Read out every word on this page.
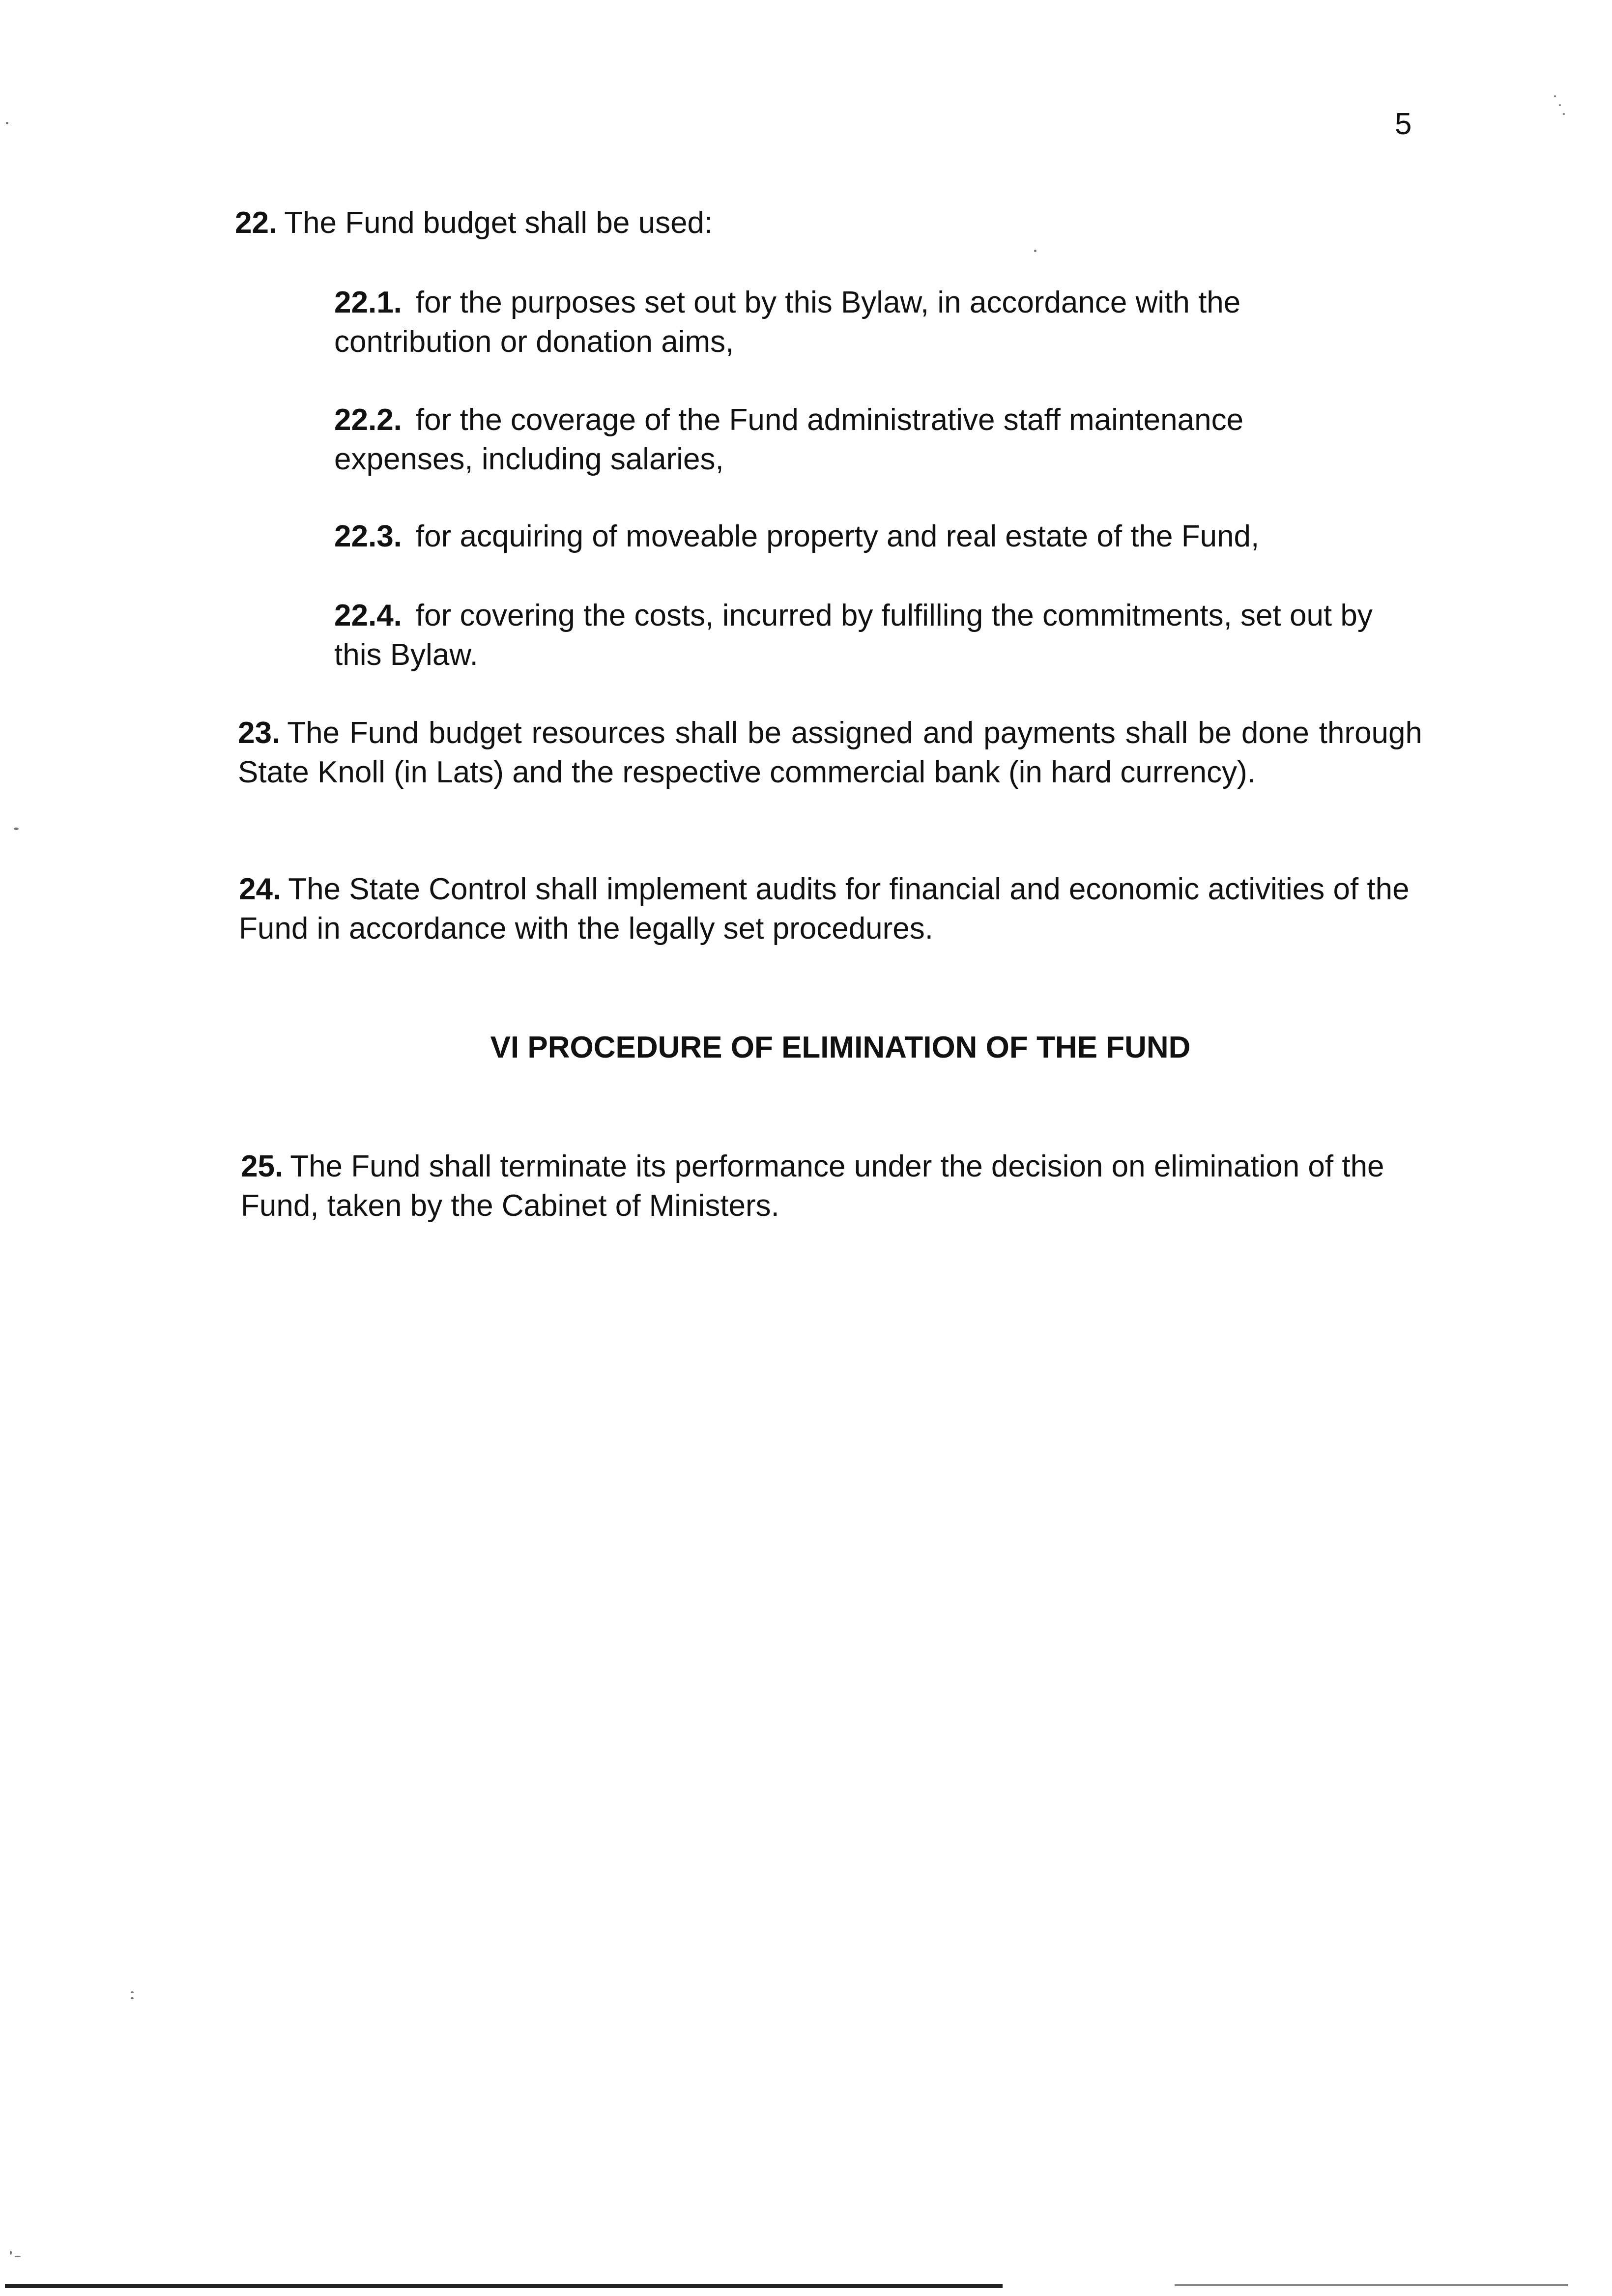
5

22. The Fund budget shall be used:

22.1. for the purposes set out by this Bylaw, in accordance with the contribution or donation aims,

22.2. for the coverage of the Fund administrative staff maintenance expenses, including salaries,

22.3. for acquiring of moveable property and real estate of the Fund,

22.4. for covering the costs, incurred by fulfilling the commitments, set out by this Bylaw.

23. The Fund budget resources shall be assigned and payments shall be done through State Knoll (in Lats) and the respective commercial bank (in hard currency).

24. The State Control shall implement audits for financial and economic activities of the Fund in accordance with the legally set procedures.

VI PROCEDURE OF ELIMINATION OF THE FUND

25. The Fund shall terminate its performance under the decision on elimination of the Fund, taken by the Cabinet of Ministers.
